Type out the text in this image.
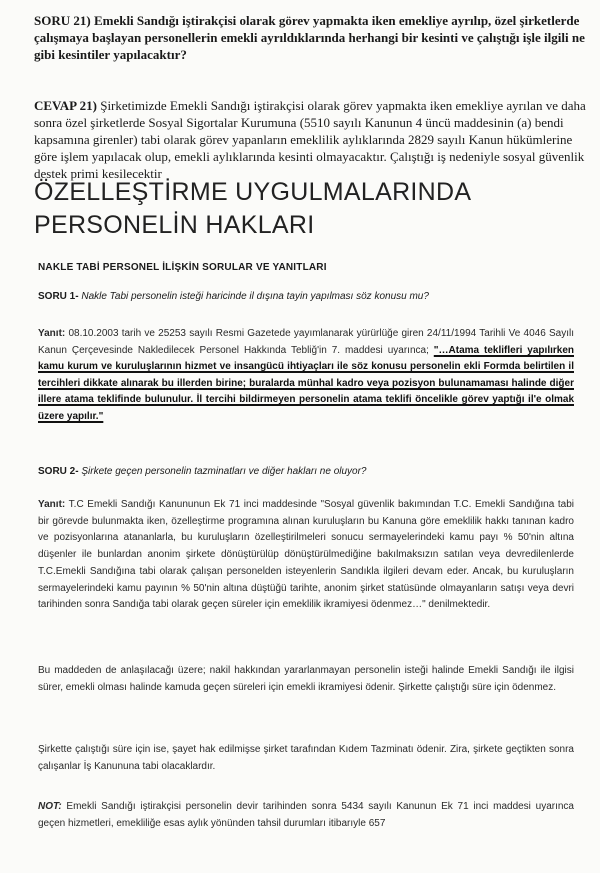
SORU 21) Emekli Sandığı iştirakçisi olarak görev yapmakta iken emekliye ayrılıp, özel şirketlerde çalışmaya başlayan personellerin emekli ayrıldıklarında herhangi bir kesinti ve çalıştığı işle ilgili ne gibi kesintiler yapılacaktır?
CEVAP 21) Şirketimizde Emekli Sandığı iştirakçisi olarak görev yapmakta iken emekliye ayrılan ve daha sonra özel şirketlerde Sosyal Sigortalar Kurumuna (5510 sayılı Kanunun 4 üncü maddesinin (a) bendi kapsamına girenler) tabi olarak görev yapanların emeklilik aylıklarında 2829 sayılı Kanun hükümlerine göre işlem yapılacak olup, emekli aylıklarında kesinti olmayacaktır. Çalıştığı iş nedeniyle sosyal güvenlik destek primi kesilecektir
ÖZELLEŞTİRME UYGULMALARINDA PERSONELİN HAKLARI
NAKLE TABİ PERSONEL İLİŞKİN SORULAR VE YANITLARI
SORU 1- Nakle Tabi personelin isteği haricinde il dışına tayin yapılması söz konusu mu?
Yanıt: 08.10.2003 tarih ve 25253 sayılı Resmi Gazetede yayımlanarak yürürlüğe giren 24/11/1994 Tarihli Ve 4046 Sayılı Kanun Çerçevesinde Nakledilecek Personel Hakkında Tebliğ'in 7. maddesi uyarınca; "…Atama teklifleri yapılırken kamu kurum ve kuruluşlarının hizmet ve insangücü ihtiyaçları ile söz konusu personelin ekli Formda belirtilen il tercihleri dikkate alınarak bu illerden birine; buralarda münhal kadro veya pozisyon bulunamaması halinde diğer illere atama teklifinde bulunulur. İl tercihi bildirmeyen personelin atama teklifi öncelikle görev yaptığı il'e olmak üzere yapılır."
SORU 2- Şirkete geçen personelin tazminatları ve diğer hakları ne oluyor?
Yanıt: T.C Emekli Sandığı Kanununun Ek 71 inci maddesinde "Sosyal güvenlik bakımından T.C. Emekli Sandığına tabi bir görevde bulunmakta iken, özelleştirme programına alınan kuruluşların bu Kanuna göre emeklilik hakkı tanınan kadro ve pozisyonlarına atananlarla, bu kuruluşların özelleştirilmeleri sonucu sermayelerindeki kamu payı % 50'nin altına düşenler ile bunlardan anonim şirkete dönüştürülüp dönüştürülmediğine bakılmaksızın satılan veya devredilenlerde T.C.Emekli Sandığına tabi olarak çalışan personelden isteyenlerin Sandıkla ilgileri devam eder. Ancak, bu kuruluşların sermayelerindeki kamu payının % 50'nin altına düştüğü tarihte, anonim şirket statüsünde olmayanların satışı veya devri tarihinden sonra Sandığa tabi olarak geçen süreler için emeklilik ikramiyesi ödenmez…" denilmektedir.
Bu maddeden de anlaşılacağı üzere; nakil hakkından yararlanmayan personelin isteği halinde Emekli Sandığı ile ilgisi sürer, emekli olması halinde kamuda geçen süreleri için emekli ikramiyesi ödenir. Şirkette çalıştığı süre için ödenmez.
Şirkette çalıştığı süre için ise, şayet hak edilmişse şirket tarafından Kıdem Tazminatı ödenir. Zira, şirkete geçtikten sonra çalışanlar İş Kanununa tabi olacaklardır.
NOT: Emekli Sandığı iştirakçisi personelin devir tarihinden sonra 5434 sayılı Kanunun Ek 71 inci maddesi uyarınca geçen hizmetleri, emekliliğe esas aylık yönünden tahsil durumları itibarıyle 657
